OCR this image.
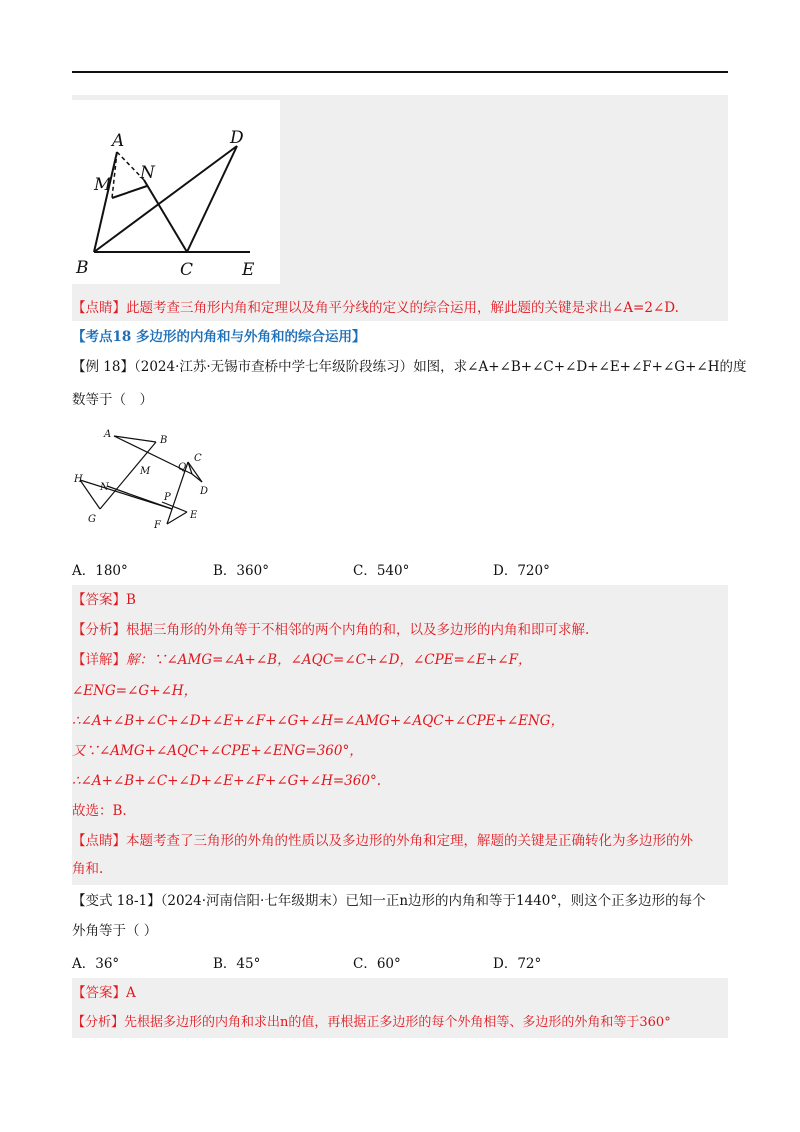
A	D
N
M
B	C	E
【点睛】此题考查三角形内角和定理以及角平分线的定义的综合运用，解此题的关键是求出∠A=2∠D.
【考点18 多边形的内角和与外角和的综合运用】
【例 18】（2024·江苏·无锡市查桥中学七年级阶段练习）如图，求∠A+∠B+∠C+∠D+∠E+∠F+∠G+∠H的度
数等于（　）
A
B
C
Q
M
D
H
N
P
E
F
G
A．180°	B．360°	C．540°	D．720°
【答案】B
【分析】根据三角形的外角等于不相邻的两个内角的和，以及多边形的内角和即可求解.
【详解】解：∵∠AMG=∠A+∠B，∠AQC=∠C+∠D，∠CPE=∠E+∠F，
∠ENG=∠G+∠H，
∴∠A+∠B+∠C+∠D+∠E+∠F+∠G+∠H=∠AMG+∠AQC+∠CPE+∠ENG，
又∵∠AMG+∠AQC+∠CPE+∠ENG=360°，
∴∠A+∠B+∠C+∠D+∠E+∠F+∠G+∠H=360°.
故选：B.
【点睛】本题考查了三角形的外角的性质以及多边形的外角和定理，解题的关键是正确转化为多边形的外
角和.
【变式 18-1】（2024·河南信阳·七年级期末）已知一正n边形的内角和等于1440°，则这个正多边形的每个
外角等于（ ）
A．36°	B．45°	C．60°	D．72°
【答案】A
【分析】先根据多边形的内角和求出n的值，再根据正多边形的每个外角相等、多边形的外角和等于360°
